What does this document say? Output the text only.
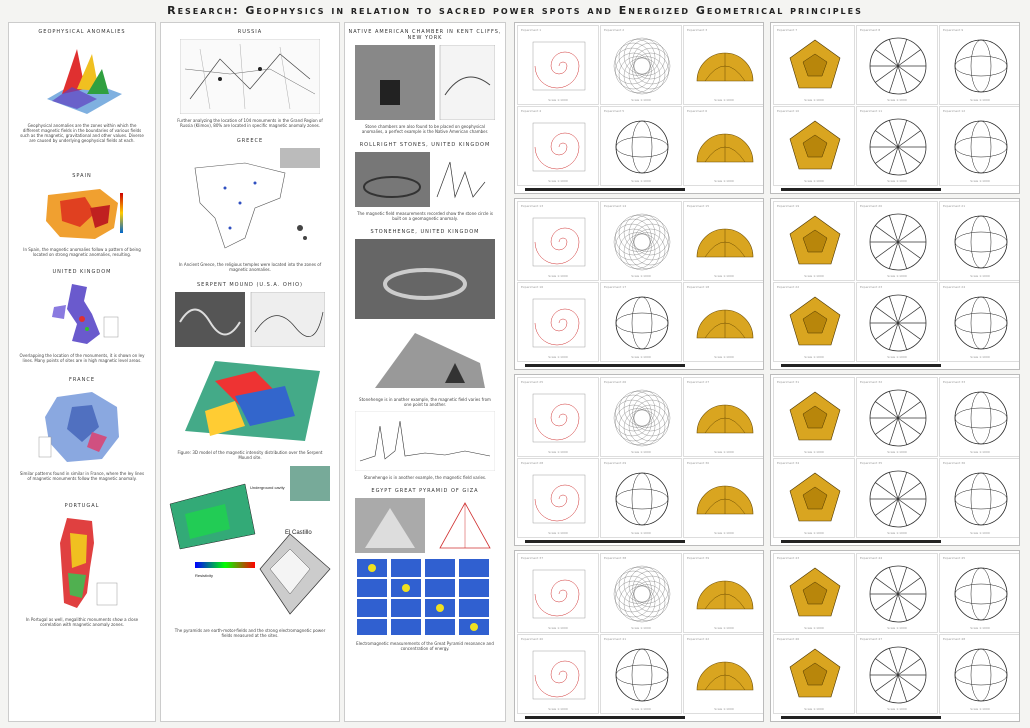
Research: Geophysics in relation to sacred power spots and Energized Geometrical principles
GEOPHYSICAL ANOMALIES
Geophysical anomalies are the zones within which the different magnetic fields in the boundaries of various fields such as the magnetic, gravitational and other values. Diverse are caused by underlying geophysical fields at each.
SPAIN
In Spain, the magnetic anomalies follow a pattern of being located on strong magnetic anomalies, resulting.
UNITED KINGDOM
Overlapping the location of the monuments, it is shown on ley lines. Many points of sites are in high magnetic level areas.
FRANCE
Similar patterns found in similar in France, where the ley lines of magnetic monuments follow the magnetic anomaly.
PORTUGAL
In Portugal as well, megalithic monuments show a close correlation with magnetic anomaly zones.
RUSSIA
Further analyzing the location of 104 monuments in the Grand Region of Russia (Klimov), 80% are located in specific magnetic anomaly zones.
GREECE
In Ancient Greece, the religious temples were located into the zones of magnetic anomalies.
SERPENT MOUND (U.S.A. OHIO)
Figure: 3D model of the magnetic intensity distribution over the Serpent Mound site.
El Castillo
Underground cavity
Resistivity
The pyramids are earth-motor-fields and the strong electromagnetic power fields measured at the sites.
NATIVE AMERICAN CHAMBER IN KENT CLIFFS, NEW YORK
Stone chambers are also found to be placed on geophysical anomalies, a perfect example is the Native American chamber.
ROLLRIGHT STONES, UNITED KINGDOM
The magnetic field measurements recorded show the stone circle is built on a geomagnetic anomaly.
STONEHENGE, UNITED KINGDOM
Stonehenge is in another example, the magnetic field varies from one point to another.
Stonehenge is in another example, the magnetic field varies.
EGYPT GREAT PYRAMID OF GIZA
Electromagnetic measurements of the Great Pyramid resonance and concentration of energy.
Experiment 1
Scale 1:1000
Experiment 2
Scale 1:1000
Experiment 3
Scale 1:1000
Experiment 4
Scale 1:1000
Experiment 5
Scale 1:1000
Experiment 6
Scale 1:1000
Experiment 7
Scale 1:1000
Experiment 8
Scale 1:1000
Experiment 9
Scale 1:1000
Experiment 10
Scale 1:1000
Experiment 11
Scale 1:1000
Experiment 12
Scale 1:1000
Experiment 13
Scale 1:1000
Experiment 14
Scale 1:1000
Experiment 15
Scale 1:1000
Experiment 16
Scale 1:1000
Experiment 17
Scale 1:1000
Experiment 18
Scale 1:1000
Experiment 19
Scale 1:1000
Experiment 20
Scale 1:1000
Experiment 21
Scale 1:1000
Experiment 22
Scale 1:1000
Experiment 23
Scale 1:1000
Experiment 24
Scale 1:1000
Experiment 25
Scale 1:1000
Experiment 26
Scale 1:1000
Experiment 27
Scale 1:1000
Experiment 28
Scale 1:1000
Experiment 29
Scale 1:1000
Experiment 30
Scale 1:1000
Experiment 31
Scale 1:1000
Experiment 32
Scale 1:1000
Experiment 33
Scale 1:1000
Experiment 34
Scale 1:1000
Experiment 35
Scale 1:1000
Experiment 36
Scale 1:1000
Experiment 37
Scale 1:1000
Experiment 38
Scale 1:1000
Experiment 39
Scale 1:1000
Experiment 40
Scale 1:1000
Experiment 41
Scale 1:1000
Experiment 42
Scale 1:1000
Experiment 43
Scale 1:1000
Experiment 44
Scale 1:1000
Experiment 45
Scale 1:1000
Experiment 46
Scale 1:1000
Experiment 47
Scale 1:1000
Experiment 48
Scale 1:1000
